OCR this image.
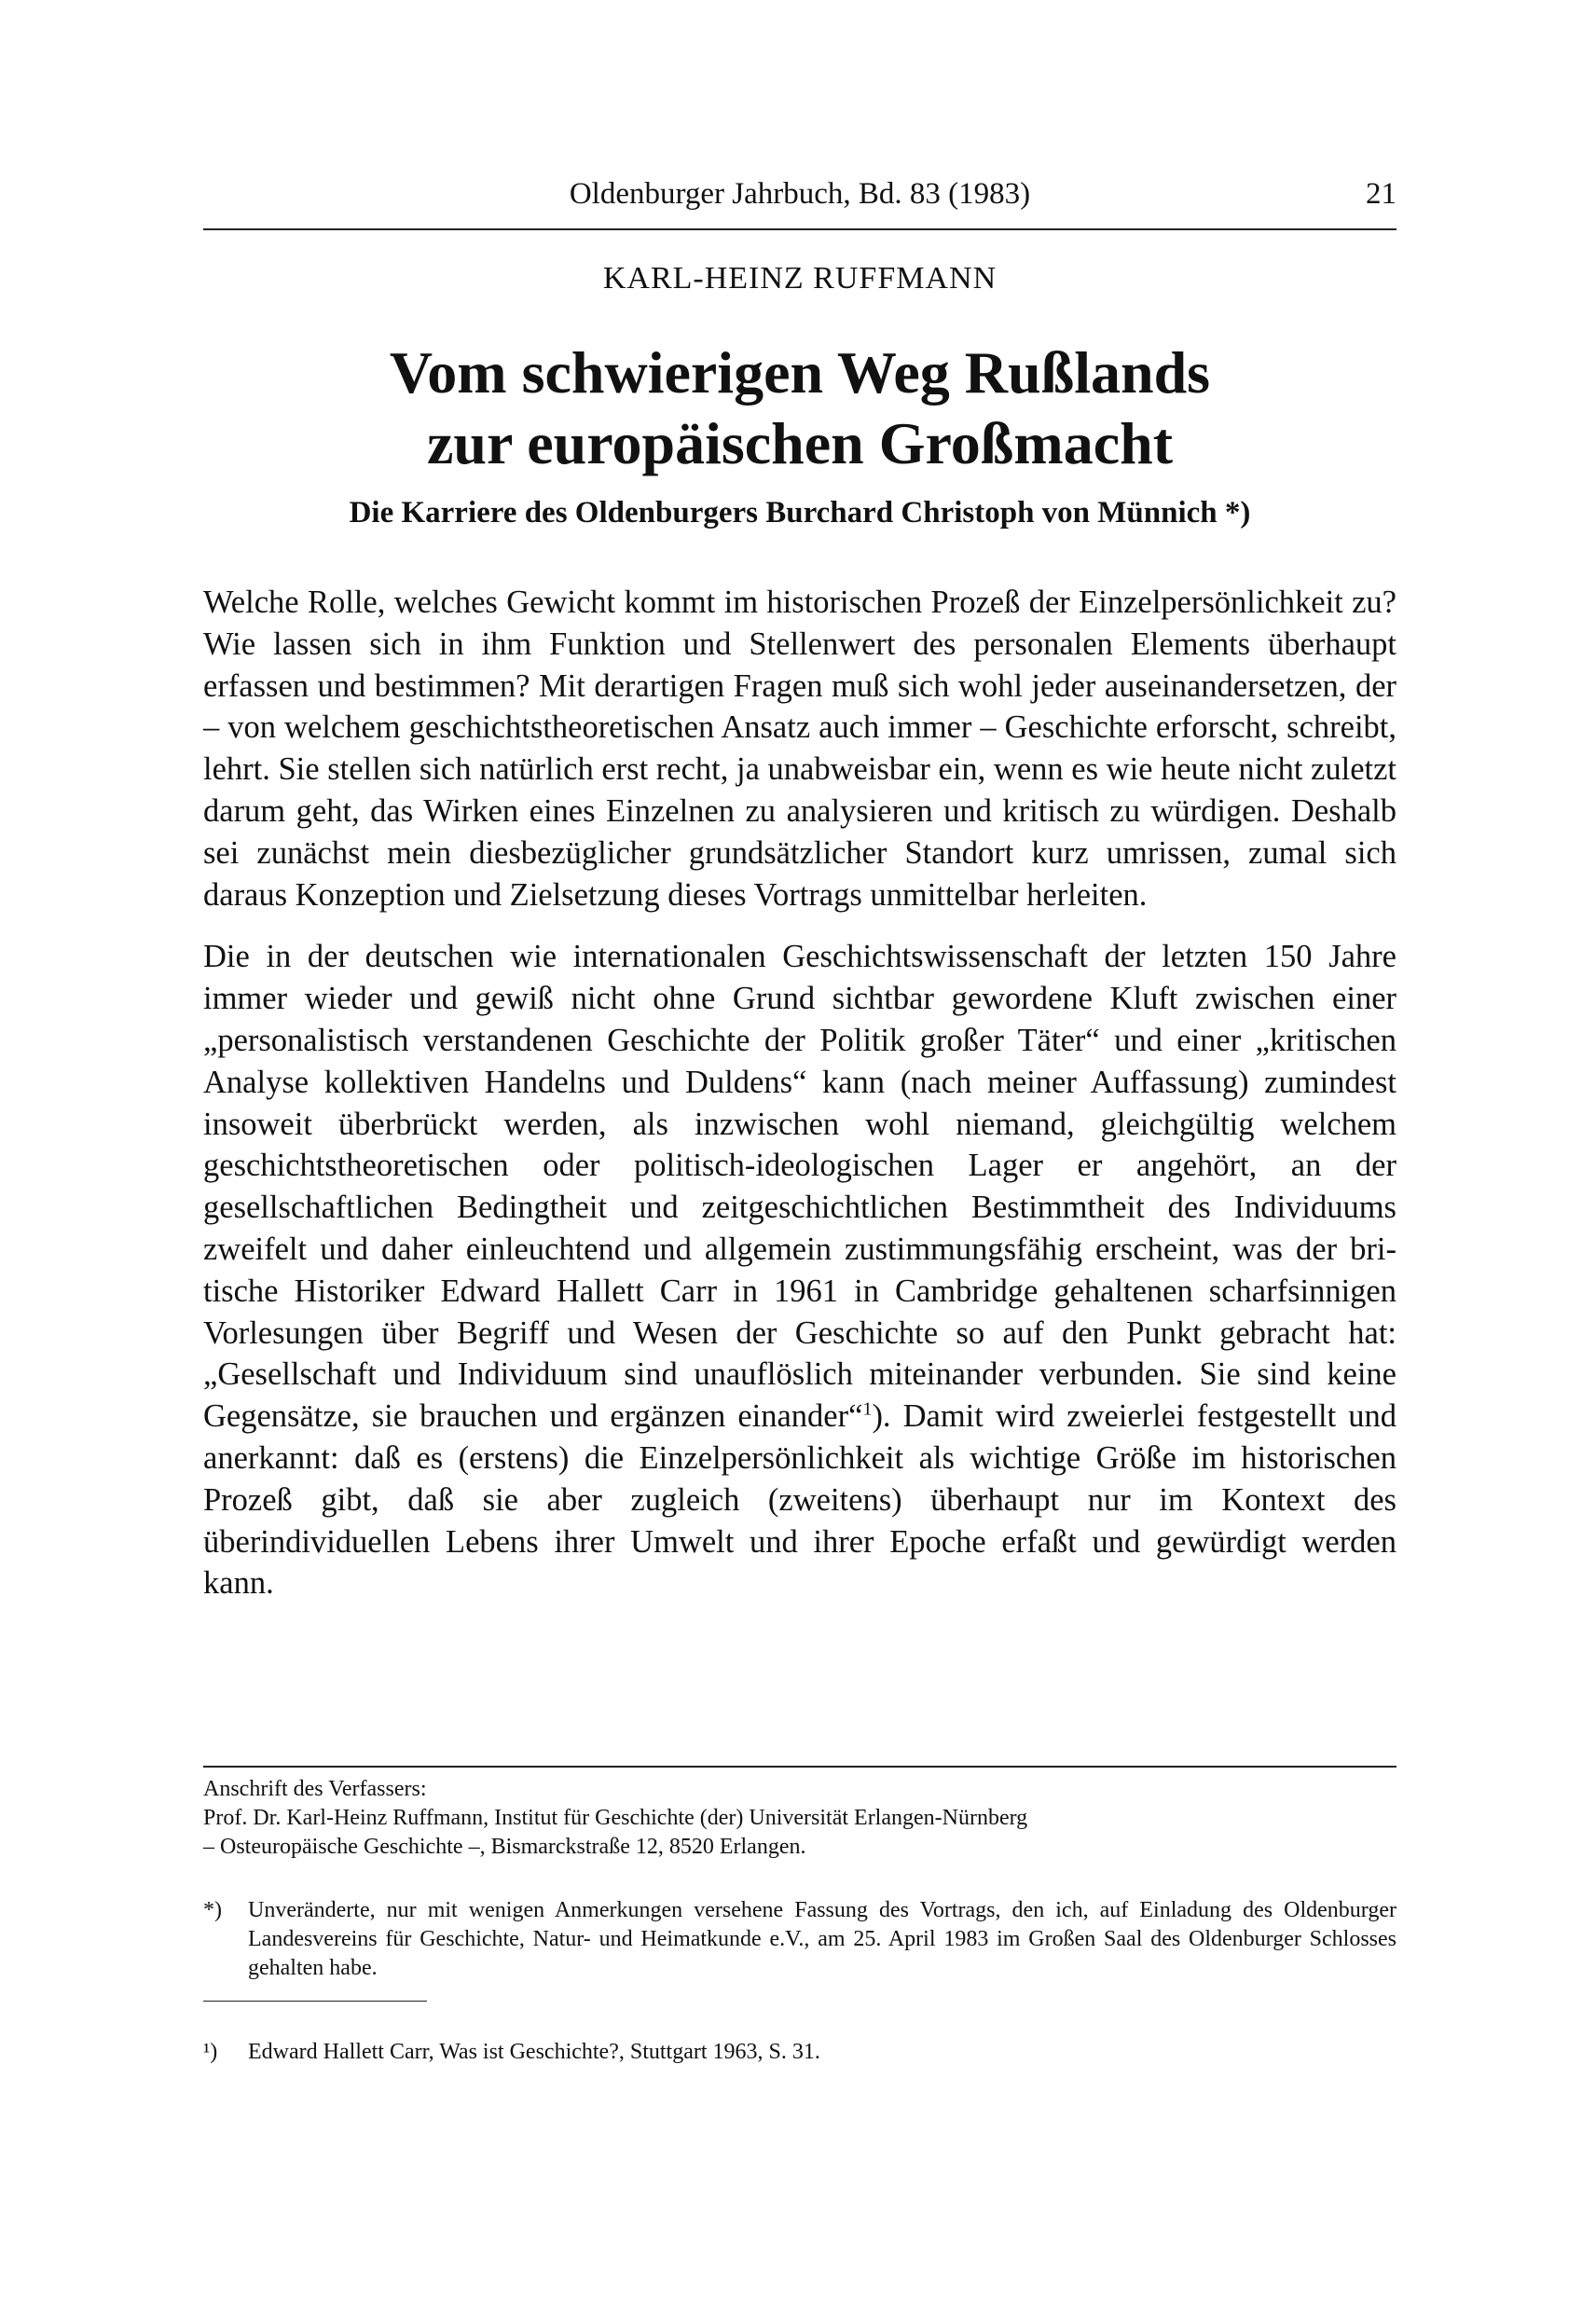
Oldenburger Jahrbuch, Bd. 83 (1983)	21
KARL-HEINZ RUFFMANN
Vom schwierigen Weg Rußlands
zur europäischen Großmacht
Die Karriere des Oldenburgers Burchard Christoph von Münnich *)

Welche Rolle, welches Gewicht kommt im historischen Prozeß der Einzelpersönlichkeit zu? Wie lassen sich in ihm Funktion und Stellenwert des personalen Elements überhaupt erfassen und bestimmen? Mit derartigen Fragen muß sich wohl jeder auseinandersetzen, der – von welchem geschichtstheoretischen Ansatz auch immer – Geschichte erforscht, schreibt, lehrt. Sie stellen sich natürlich erst recht, ja unabweisbar ein, wenn es wie heute nicht zuletzt darum geht, das Wirken eines Einzelnen zu analysieren und kritisch zu würdigen. Deshalb sei zunächst mein diesbezüglicher grundsätzlicher Standort kurz umrissen, zumal sich daraus Konzeption und Zielsetzung dieses Vortrags unmittelbar herleiten.

Die in der deutschen wie internationalen Geschichtswissenschaft der letzten 150 Jahre immer wieder und gewiß nicht ohne Grund sichtbar gewordene Kluft zwischen einer „personalistisch verstandenen Geschichte der Politik großer Täter“ und einer „kritischen Analyse kollektiven Handelns und Duldens“ kann (nach meiner Auffassung) zumindest insoweit überbrückt werden, als inzwischen wohl niemand, gleichgültig welchem geschichtstheoretischen oder politisch-ideologischen Lager er angehört, an der gesellschaftlichen Bedingtheit und zeitgeschichtlichen Bestimmtheit des Individuums zweifelt und daher einleuchtend und allgemein zustimmungsfähig erscheint, was der britische Historiker Edward Hallett Carr in 1961 in Cambridge gehaltenen scharfsinnigen Vorlesungen über Begriff und Wesen der Geschichte so auf den Punkt gebracht hat: „Gesellschaft und Individuum sind unauflöslich miteinander verbunden. Sie sind keine Gegensätze, sie brauchen und ergänzen einander“$^1$). Damit wird zweierlei festgestellt und anerkannt: daß es (erstens) die Einzelpersönlichkeit als wichtige Größe im historischen Prozeß gibt, daß sie aber zugleich (zweitens) überhaupt nur im Kontext des überindividuellen Lebens ihrer Umwelt und ihrer Epoche erfaßt und gewürdigt werden kann.

Anschrift des Verfassers:
Prof. Dr. Karl-Heinz Ruffmann, Institut für Geschichte (der) Universität Erlangen-Nürnberg
– Osteuropäische Geschichte –, Bismarckstraße 12, 8520 Erlangen.
*)	Unveränderte, nur mit wenigen Anmerkungen versehene Fassung des Vortrags, den ich, auf Einladung des Oldenburger Landesvereins für Geschichte, Natur- und Heimatkunde e.V., am 25. April 1983 im Großen Saal des Oldenburger Schlosses gehalten habe.
¹)	Edward Hallett Carr, Was ist Geschichte?, Stuttgart 1963, S. 31.
